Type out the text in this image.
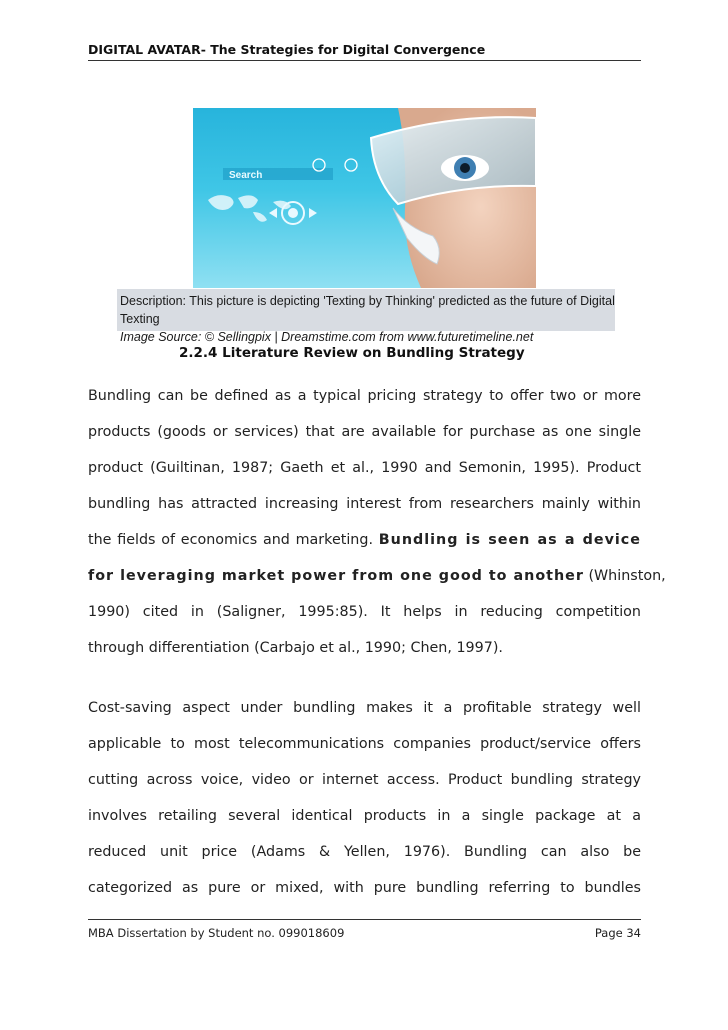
DIGITAL AVATAR- The Strategies for Digital Convergence
Search
Description: This picture is depicting 'Texting by Thinking' predicted as the future of Digital Texting
Image Source: © Sellingpix | Dreamstime.com from www.futuretimeline.net
2.2.4 Literature Review on Bundling Strategy
Bundling can be defined as a typical pricing strategy to offer two or more
products (goods or services) that are available for purchase as one single
product (Guiltinan, 1987; Gaeth et al., 1990 and Semonin, 1995). Product
bundling has attracted increasing interest from researchers mainly within
the fields of economics and marketing. Bundling is seen as a device
for leveraging market power from one good to another (Whinston,
1990) cited in (Saligner, 1995:85). It helps in reducing competition
through differentiation (Carbajo et al., 1990; Chen, 1997).
Cost-saving aspect under bundling makes it a profitable strategy well
applicable to most telecommunications companies product/service offers
cutting across voice, video or internet access. Product bundling strategy
involves retailing several identical products in a single package at a
reduced unit price (Adams & Yellen, 1976). Bundling can also be
categorized as pure or mixed, with pure bundling referring to bundles
MBA Dissertation by Student no. 099018609	Page 34
